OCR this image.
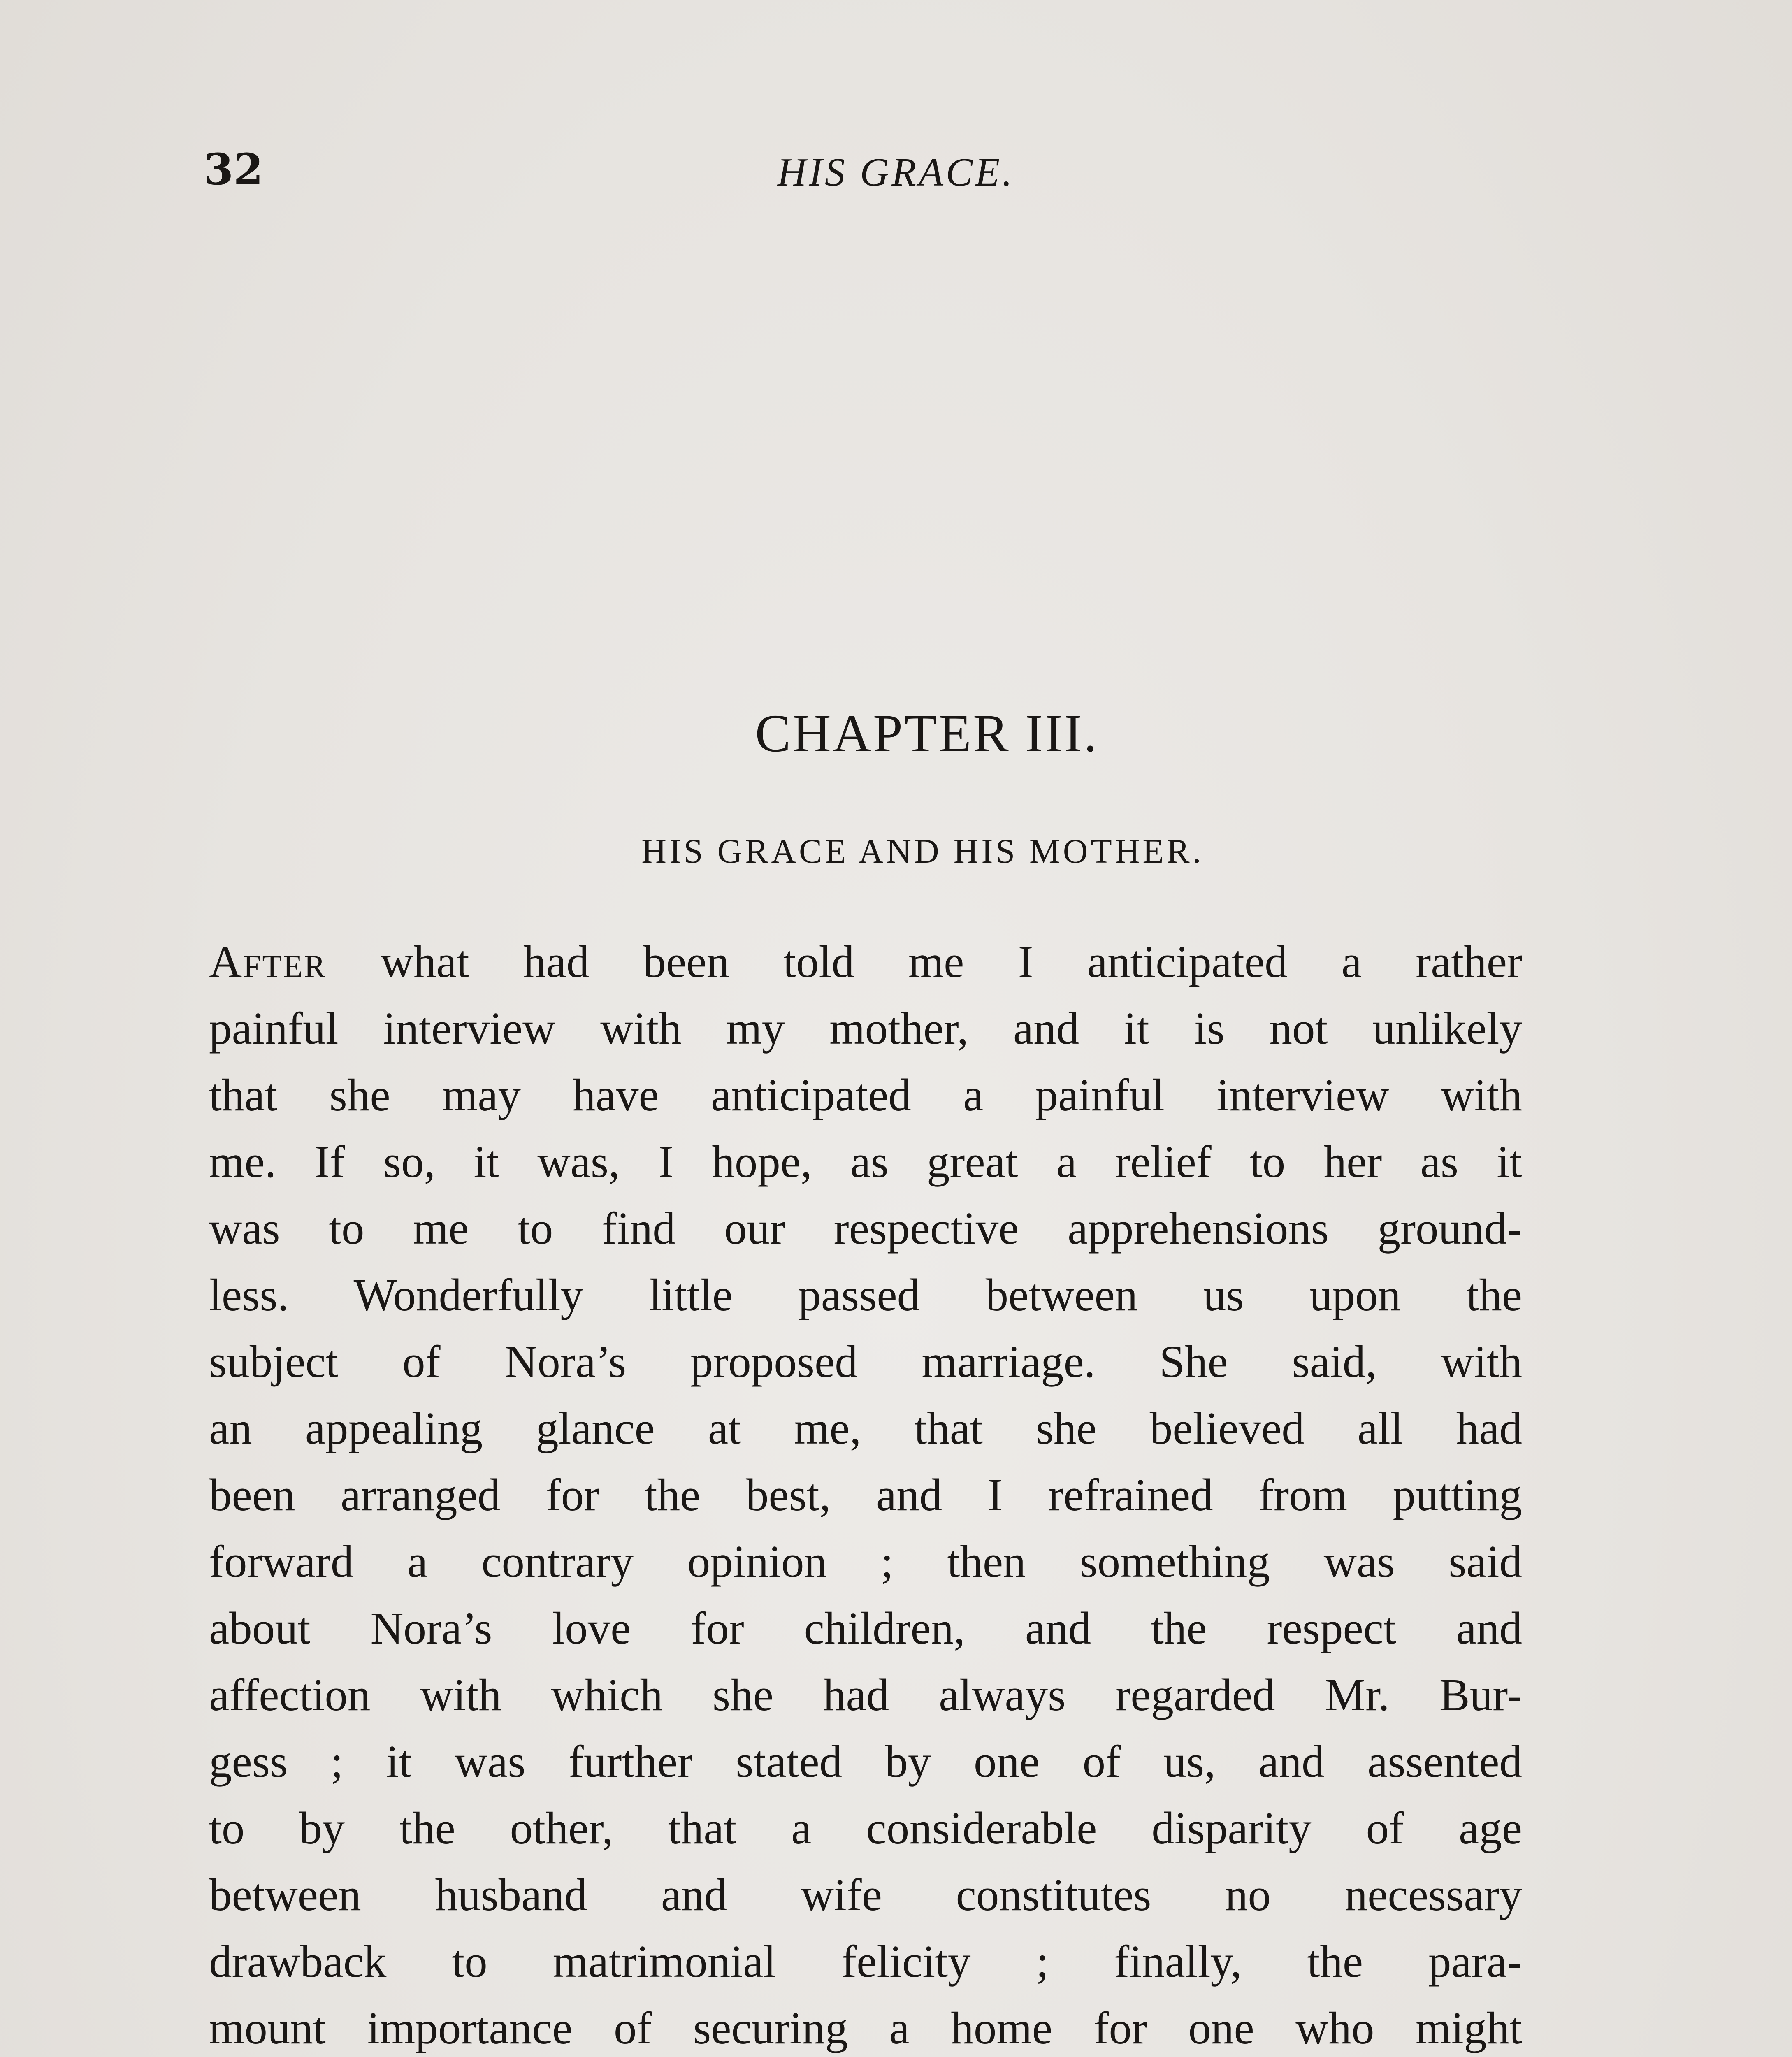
32	HIS GRACE.
CHAPTER III.
HIS GRACE AND HIS MOTHER.
After what had been told me I anticipated a rather
painful interview with my mother, and it is not unlikely
that she may have anticipated a painful interview with
me. If so, it was, I hope, as great a relief to her as it
was to me to find our respective apprehensions ground-
less. Wonderfully little passed between us upon the
subject of Nora’s proposed marriage. She said, with
an appealing glance at me, that she believed all had
been arranged for the best, and I refrained from putting
forward a contrary opinion ; then something was said
about Nora’s love for children, and the respect and
affection with which she had always regarded Mr. Bur-
gess ; it was further stated by one of us, and assented
to by the other, that a considerable disparity of age
between husband and wife constitutes no necessary
drawback to matrimonial felicity ; finally, the para-
mount importance of securing a home for one who might
